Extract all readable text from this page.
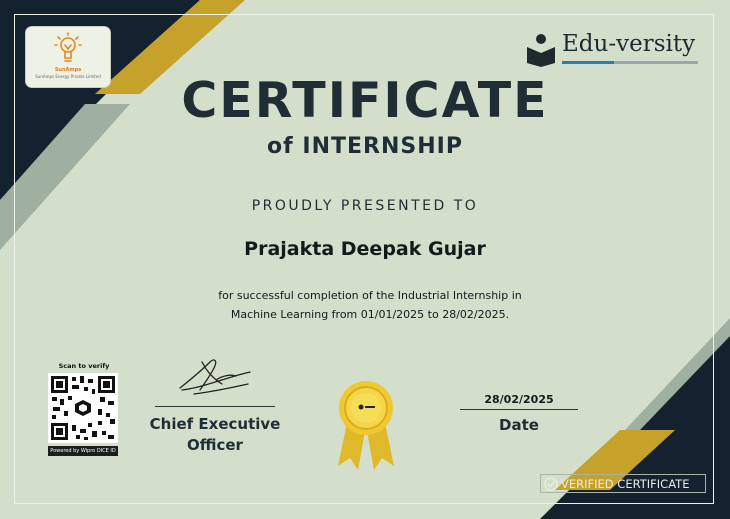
SunAmps
SunAmps Energy Private Limited
Edu-versity
CERTIFICATE
of INTERNSHIP
PROUDLY PRESENTED TO
Prajakta Deepak Gujar
for successful completion of the Industrial Internship in
Machine Learning from 01/01/2025 to 28/02/2025.
Scan to verify
Powered by Wipro DICE ID
Chief Executive
Officer
28/02/2025
Date
VERIFIED CERTIFICATE
